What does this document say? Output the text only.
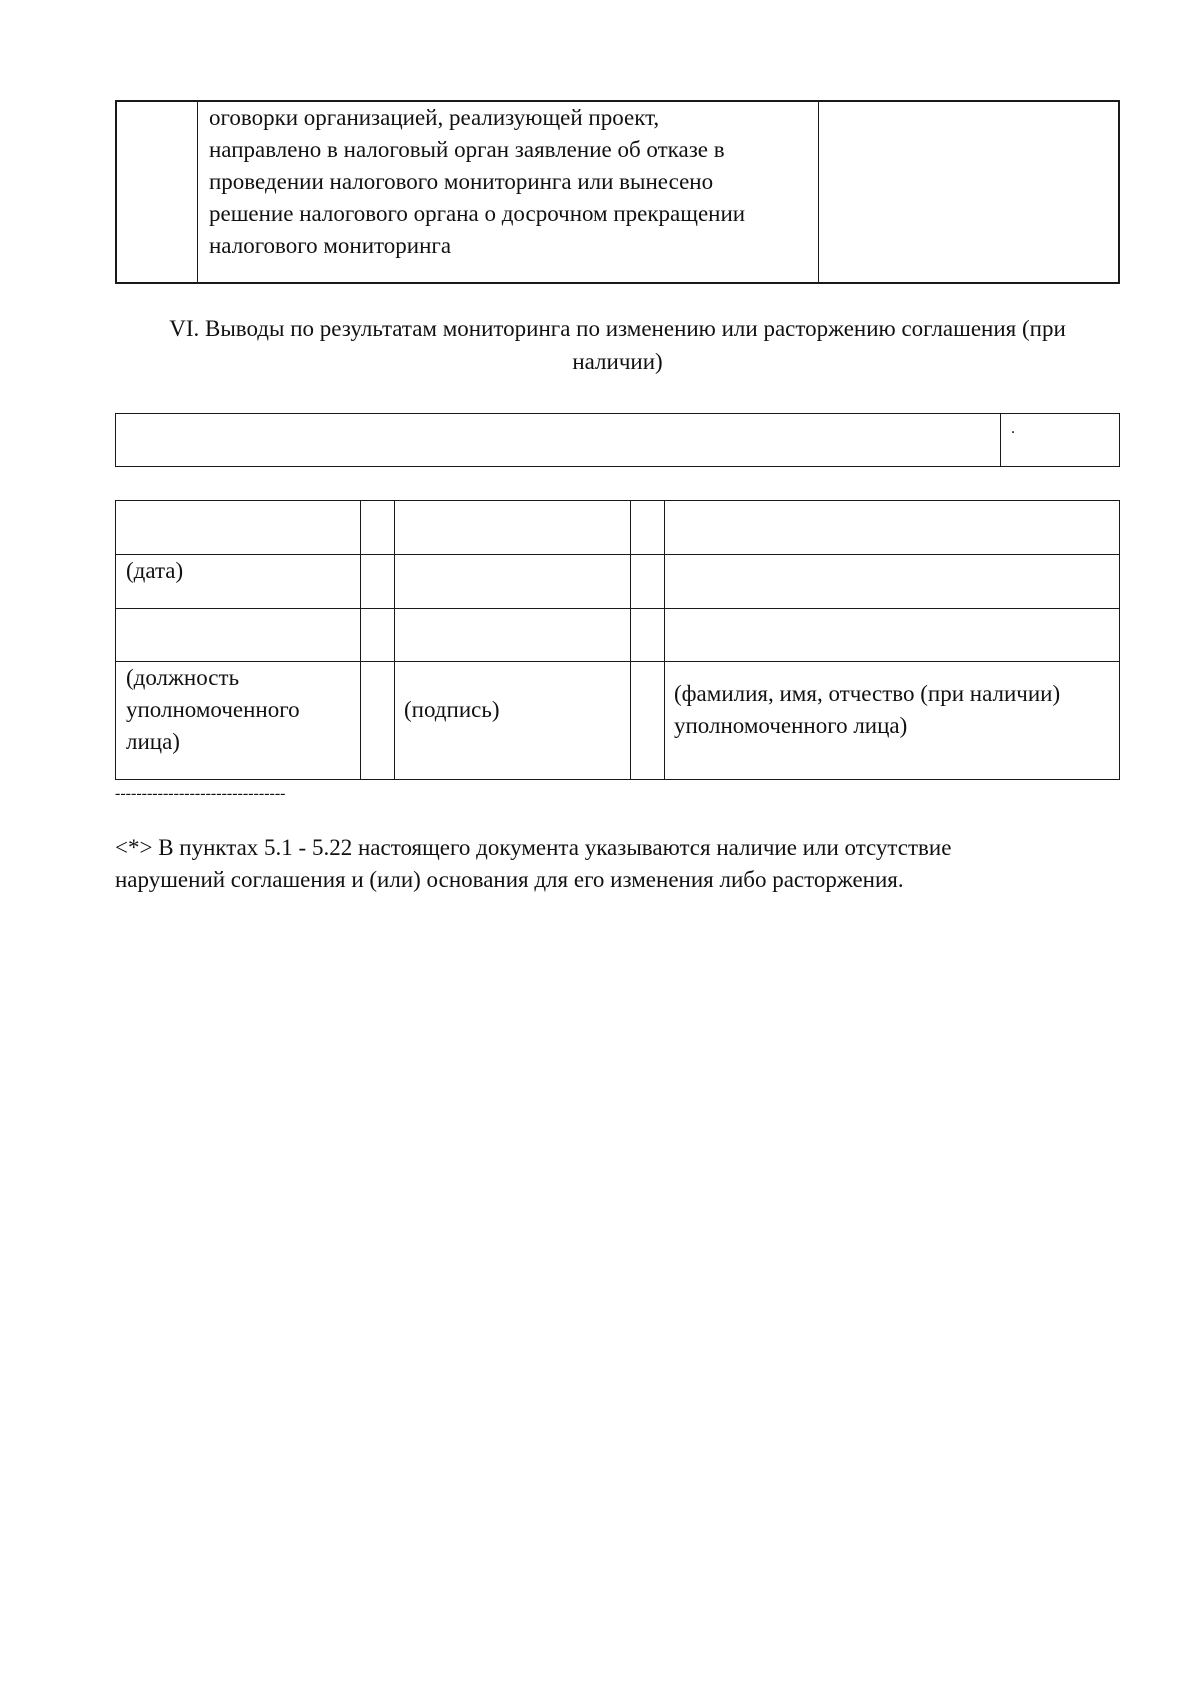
оговорки организацией, реализующей проект,
направлено в налоговый орган заявление об отказе в
проведении налогового мониторинга или вынесено
решение налогового органа о досрочном прекращении
налогового мониторинга
VI. Выводы по результатам мониторинга по изменению или расторжению соглашения (при
наличии)
.
(дата)
(должность
уполномоченного
лица)
(подпись)
(фамилия, имя, отчество (при наличии)
уполномоченного лица)
--------------------------------
<*> В пунктах 5.1 - 5.22 настоящего документа указываются наличие или отсутствие
нарушений соглашения и (или) основания для его изменения либо расторжения.
